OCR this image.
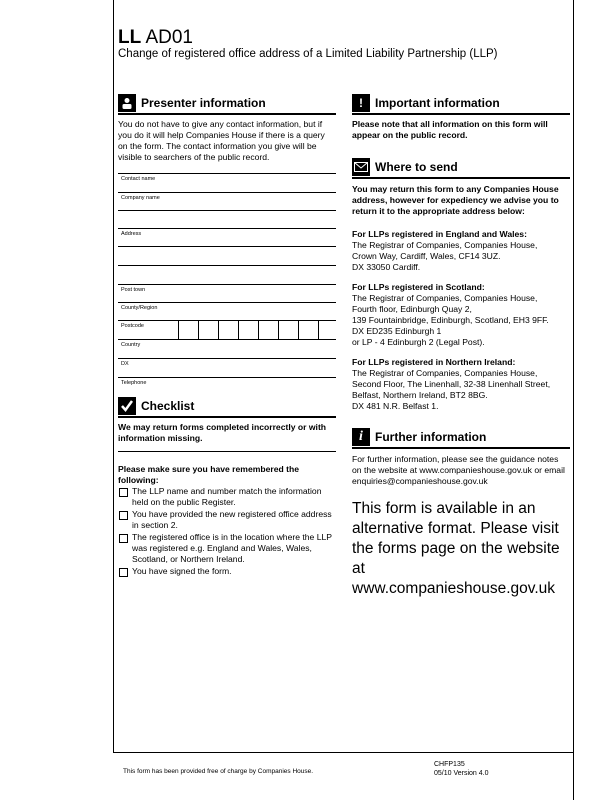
LL AD01
Change of registered office address of a Limited Liability Partnership (LLP)
Presenter information
You do not have to give any contact information, but if you do it will help Companies House if there is a query on the form. The contact information you give will be visible to searchers of the public record.
Contact name
Company name
Address
Post town
County/Region
Postcode
Country
DX
Telephone
Checklist
We may return forms completed incorrectly or with information missing.
Please make sure you have remembered the following:
The LLP name and number match the information held on the public Register.
You have provided the new registered office address in section 2.
The registered office is in the location where the LLP was registered e.g. England and Wales, Wales, Scotland, or Northern Ireland.
You have signed the form.
!	Important information
Please note that all information on this form will appear on the public record.
Where to send
You may return this form to any Companies House address, however for expediency we advise you to return it to the appropriate address below:
For LLPs registered in England and Wales:
The Registrar of Companies, Companies House,
Crown Way, Cardiff, Wales, CF14 3UZ.
DX 33050 Cardiff.
For LLPs registered in Scotland:
The Registrar of Companies, Companies House,
Fourth floor, Edinburgh Quay 2,
139 Fountainbridge, Edinburgh, Scotland, EH3 9FF.
DX ED235 Edinburgh 1
or LP - 4 Edinburgh 2 (Legal Post).
For LLPs registered in Northern Ireland:
The Registrar of Companies, Companies House,
Second Floor, The Linenhall, 32-38 Linenhall Street,
Belfast, Northern Ireland, BT2 8BG.
DX 481 N.R. Belfast 1.
i	Further information
For further information, please see the guidance notes on the website at www.companieshouse.gov.uk or email enquiries@companieshouse.gov.uk
This form is available in an alternative format. Please visit the forms page on the website at www.companieshouse.gov.uk
This form has been provided free of charge by Companies House.
CHFP135
05/10 Version 4.0
